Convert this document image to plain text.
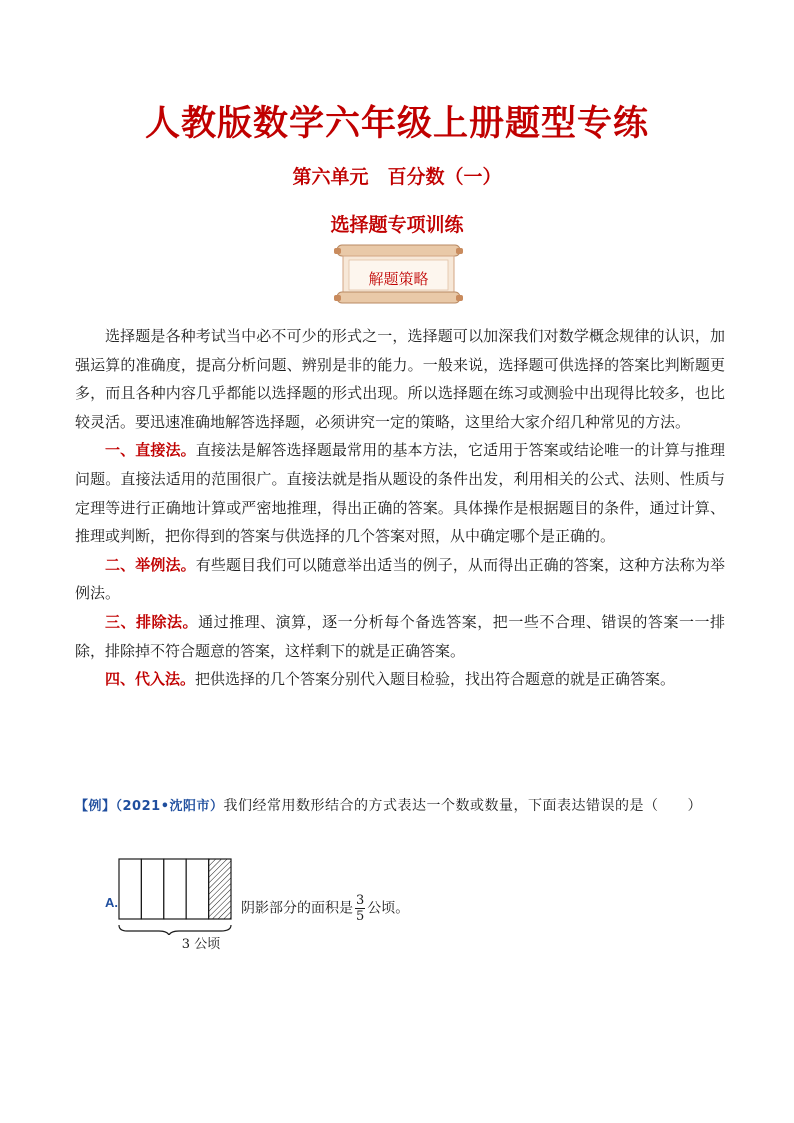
人教版数学六年级上册题型专练
第六单元　百分数（一）
选择题专项训练
解题策略

选择题是各种考试当中必不可少的形式之一，选择题可以加深我们对数学概念规律的认识，加强运算的准确度，提高分析问题、辨别是非的能力。一般来说，选择题可供选择的答案比判断题更多，而且各种内容几乎都能以选择题的形式出现。所以选择题在练习或测验中出现得比较多，也比较灵活。要迅速准确地解答选择题，必须讲究一定的策略，这里给大家介绍几种常见的方法。

一、直接法。直接法是解答选择题最常用的基本方法，它适用于答案或结论唯一的计算与推理问题。直接法适用的范围很广。直接法就是指从题设的条件出发，利用相关的公式、法则、性质与定理等进行正确地计算或严密地推理，得出正确的答案。具体操作是根据题目的条件，通过计算、推理或判断，把你得到的答案与供选择的几个答案对照，从中确定哪个是正确的。

二、举例法。有些题目我们可以随意举出适当的例子，从而得出正确的答案，这种方法称为举例法。

三、排除法。通过推理、演算，逐一分析每个备选答案，把一些不合理、错误的答案一一排除，排除掉不符合题意的答案，这样剩下的就是正确答案。

四、代入法。把供选择的几个答案分别代入题目检验，找出符合题意的就是正确答案。

【例】（2021•沈阳市）我们经常用数形结合的方式表达一个数或数量，下面表达错误的是（　　）
A.
3 公顷
阴影部分的面积是 $\frac{3}{5}$ 公顷。
